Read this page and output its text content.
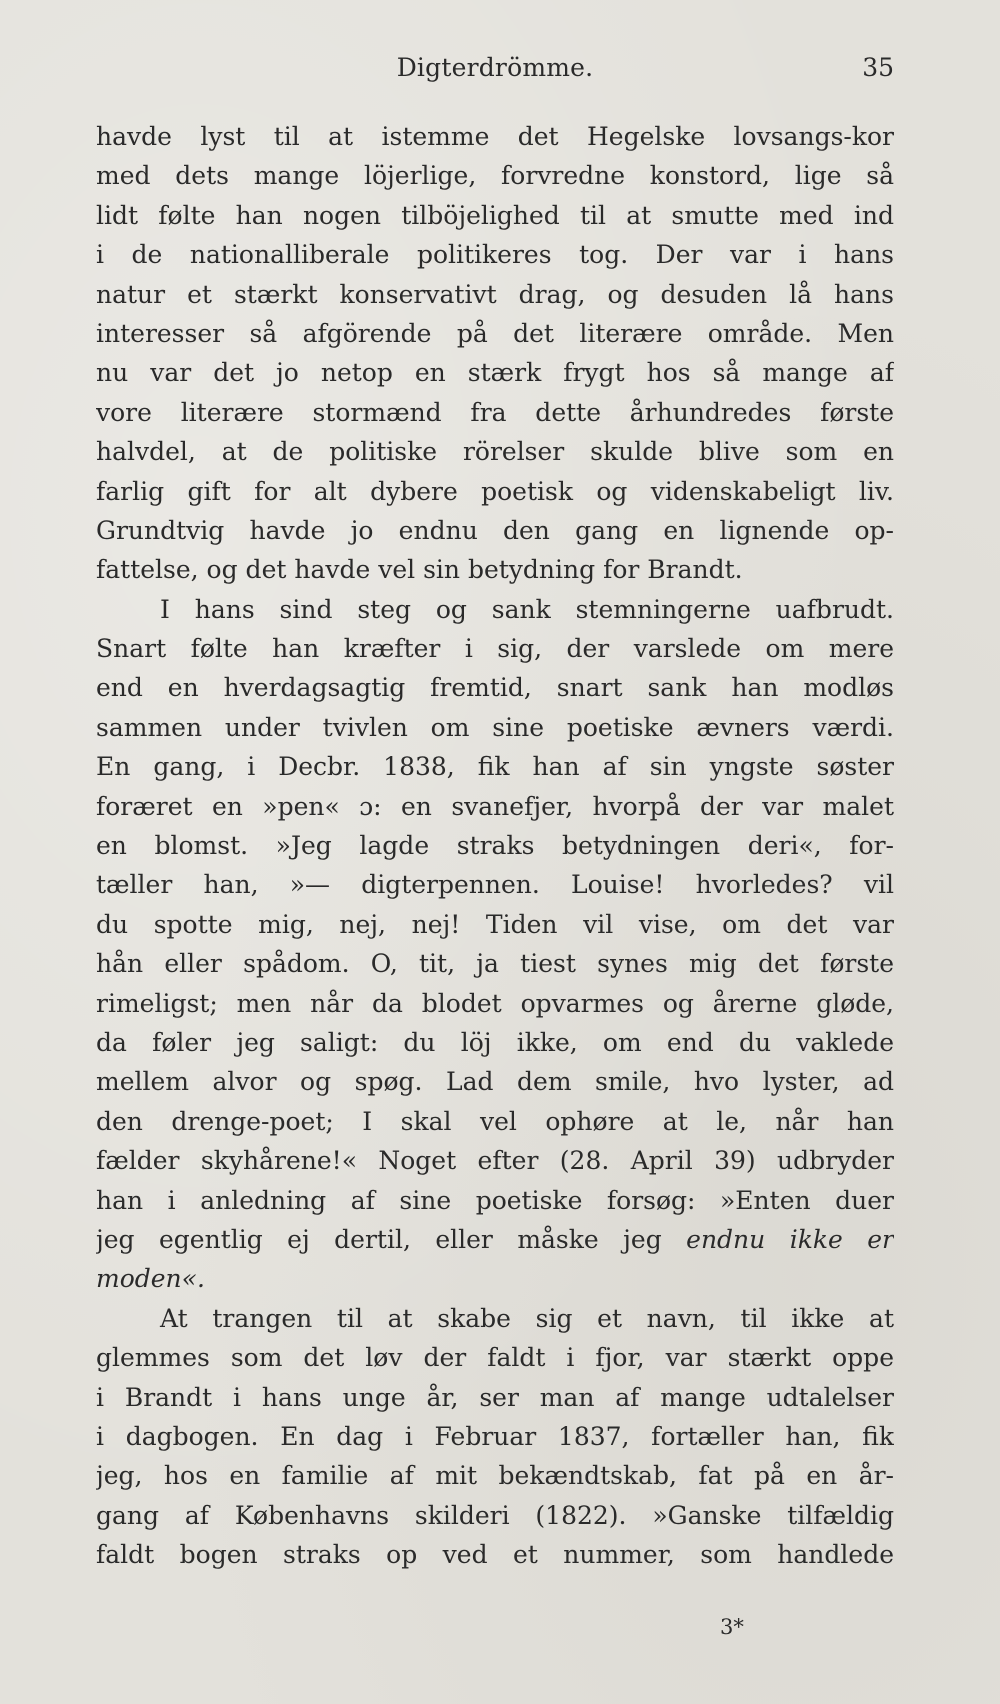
Digterdrömme.	35
havde lyst til at istemme det Hegelske lovsangs-kor
med dets mange löjerlige, forvredne konstord, lige så
lidt følte han nogen tilböjelighed til at smutte med ind
i de nationalliberale politikeres tog. Der var i hans
natur et stærkt konservativt drag, og desuden lå hans
interesser så afgörende på det literære område. Men
nu var det jo netop en stærk frygt hos så mange af
vore literære stormænd fra dette århundredes første
halvdel, at de politiske rörelser skulde blive som en
farlig gift for alt dybere poetisk og videnskabeligt liv.
Grundtvig havde jo endnu den gang en lignende op-
fattelse, og det havde vel sin betydning for Brandt.
I hans sind steg og sank stemningerne uafbrudt.
Snart følte han kræfter i sig, der varslede om mere
end en hverdagsagtig fremtid, snart sank han modløs
sammen under tvivlen om sine poetiske ævners værdi.
En gang, i Decbr. 1838, fik han af sin yngste søster
foræret en »pen« ɔ: en svanefjer, hvorpå der var malet
en blomst. »Jeg lagde straks betydningen deri«, for-
tæller han, »— digterpennen. Louise! hvorledes? vil
du spotte mig, nej, nej! Tiden vil vise, om det var
hån eller spådom. O, tit, ja tiest synes mig det første
rimeligst; men når da blodet opvarmes og årerne gløde,
da føler jeg saligt: du löj ikke, om end du vaklede
mellem alvor og spøg. Lad dem smile, hvo lyster, ad
den drenge-poet; I skal vel ophøre at le, når han
fælder skyhårene!« Noget efter (28. April 39) udbryder
han i anledning af sine poetiske forsøg: »Enten duer
jeg egentlig ej dertil, eller måske jeg endnu ikke er
moden«.
At trangen til at skabe sig et navn, til ikke at
glemmes som det løv der faldt i fjor, var stærkt oppe
i Brandt i hans unge år, ser man af mange udtalelser
i dagbogen. En dag i Februar 1837, fortæller han, fik
jeg, hos en familie af mit bekændtskab, fat på en år-
gang af Københavns skilderi (1822). »Ganske tilfældig
faldt bogen straks op ved et nummer, som handlede
3*
